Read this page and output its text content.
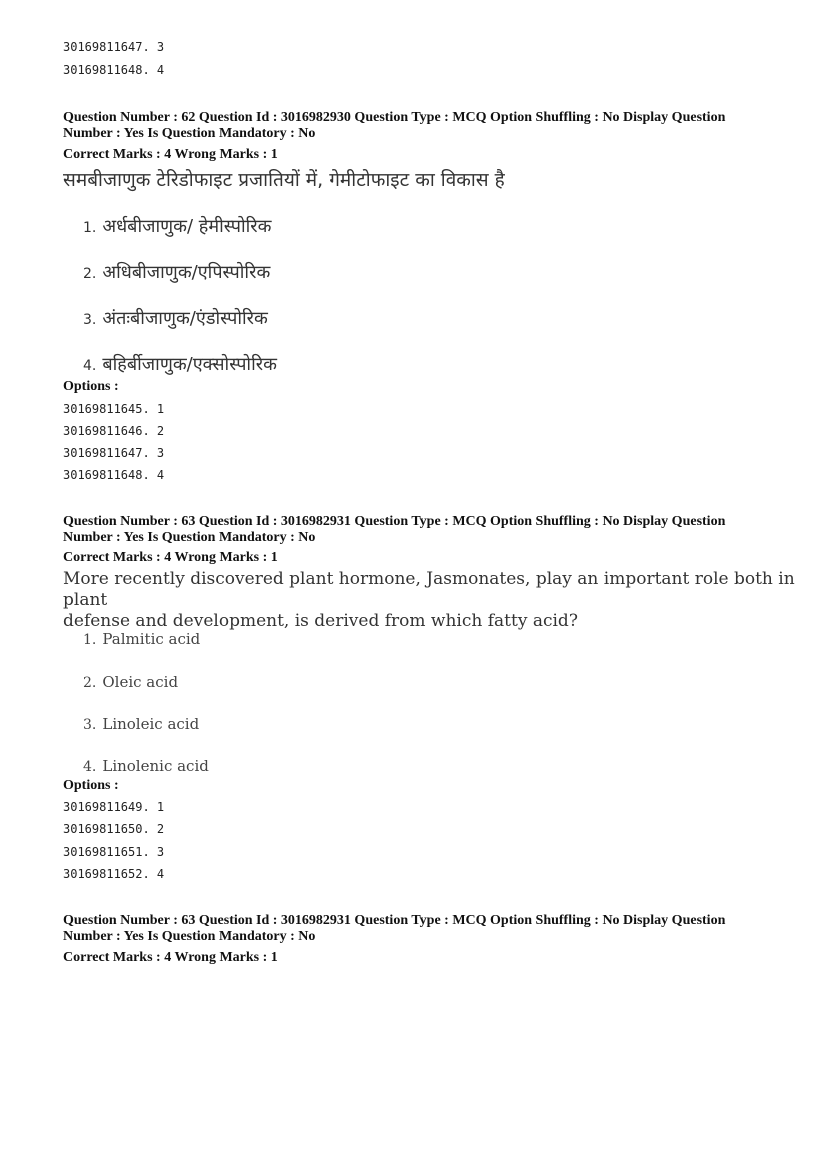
30169811647. 3
30169811648. 4
Question Number : 62 Question Id : 3016982930 Question Type : MCQ Option Shuffling : No Display Question
Number : Yes Is Question Mandatory : No
Correct Marks : 4 Wrong Marks : 1
समबीजाणुक टेरिडोफाइट प्रजातियों में, गेमीटोफाइट का विकास है
1. अर्धबीजाणुक/ हेमीस्पोरिक
2. अधिबीजाणुक/एपिस्पोरिक
3. अंतःबीजाणुक/एंडोस्पोरिक
4. बहिर्बीजाणुक/एक्सोस्पोरिक
Options :
30169811645. 1
30169811646. 2
30169811647. 3
30169811648. 4
Question Number : 63 Question Id : 3016982931 Question Type : MCQ Option Shuffling : No Display Question
Number : Yes Is Question Mandatory : No
Correct Marks : 4 Wrong Marks : 1
More recently discovered plant hormone, Jasmonates, play an important role both in plant
defense and development, is derived from which fatty acid?
1. Palmitic acid
2. Oleic acid
3. Linoleic acid
4. Linolenic acid
Options :
30169811649. 1
30169811650. 2
30169811651. 3
30169811652. 4
Question Number : 63 Question Id : 3016982931 Question Type : MCQ Option Shuffling : No Display Question
Number : Yes Is Question Mandatory : No
Correct Marks : 4 Wrong Marks : 1
